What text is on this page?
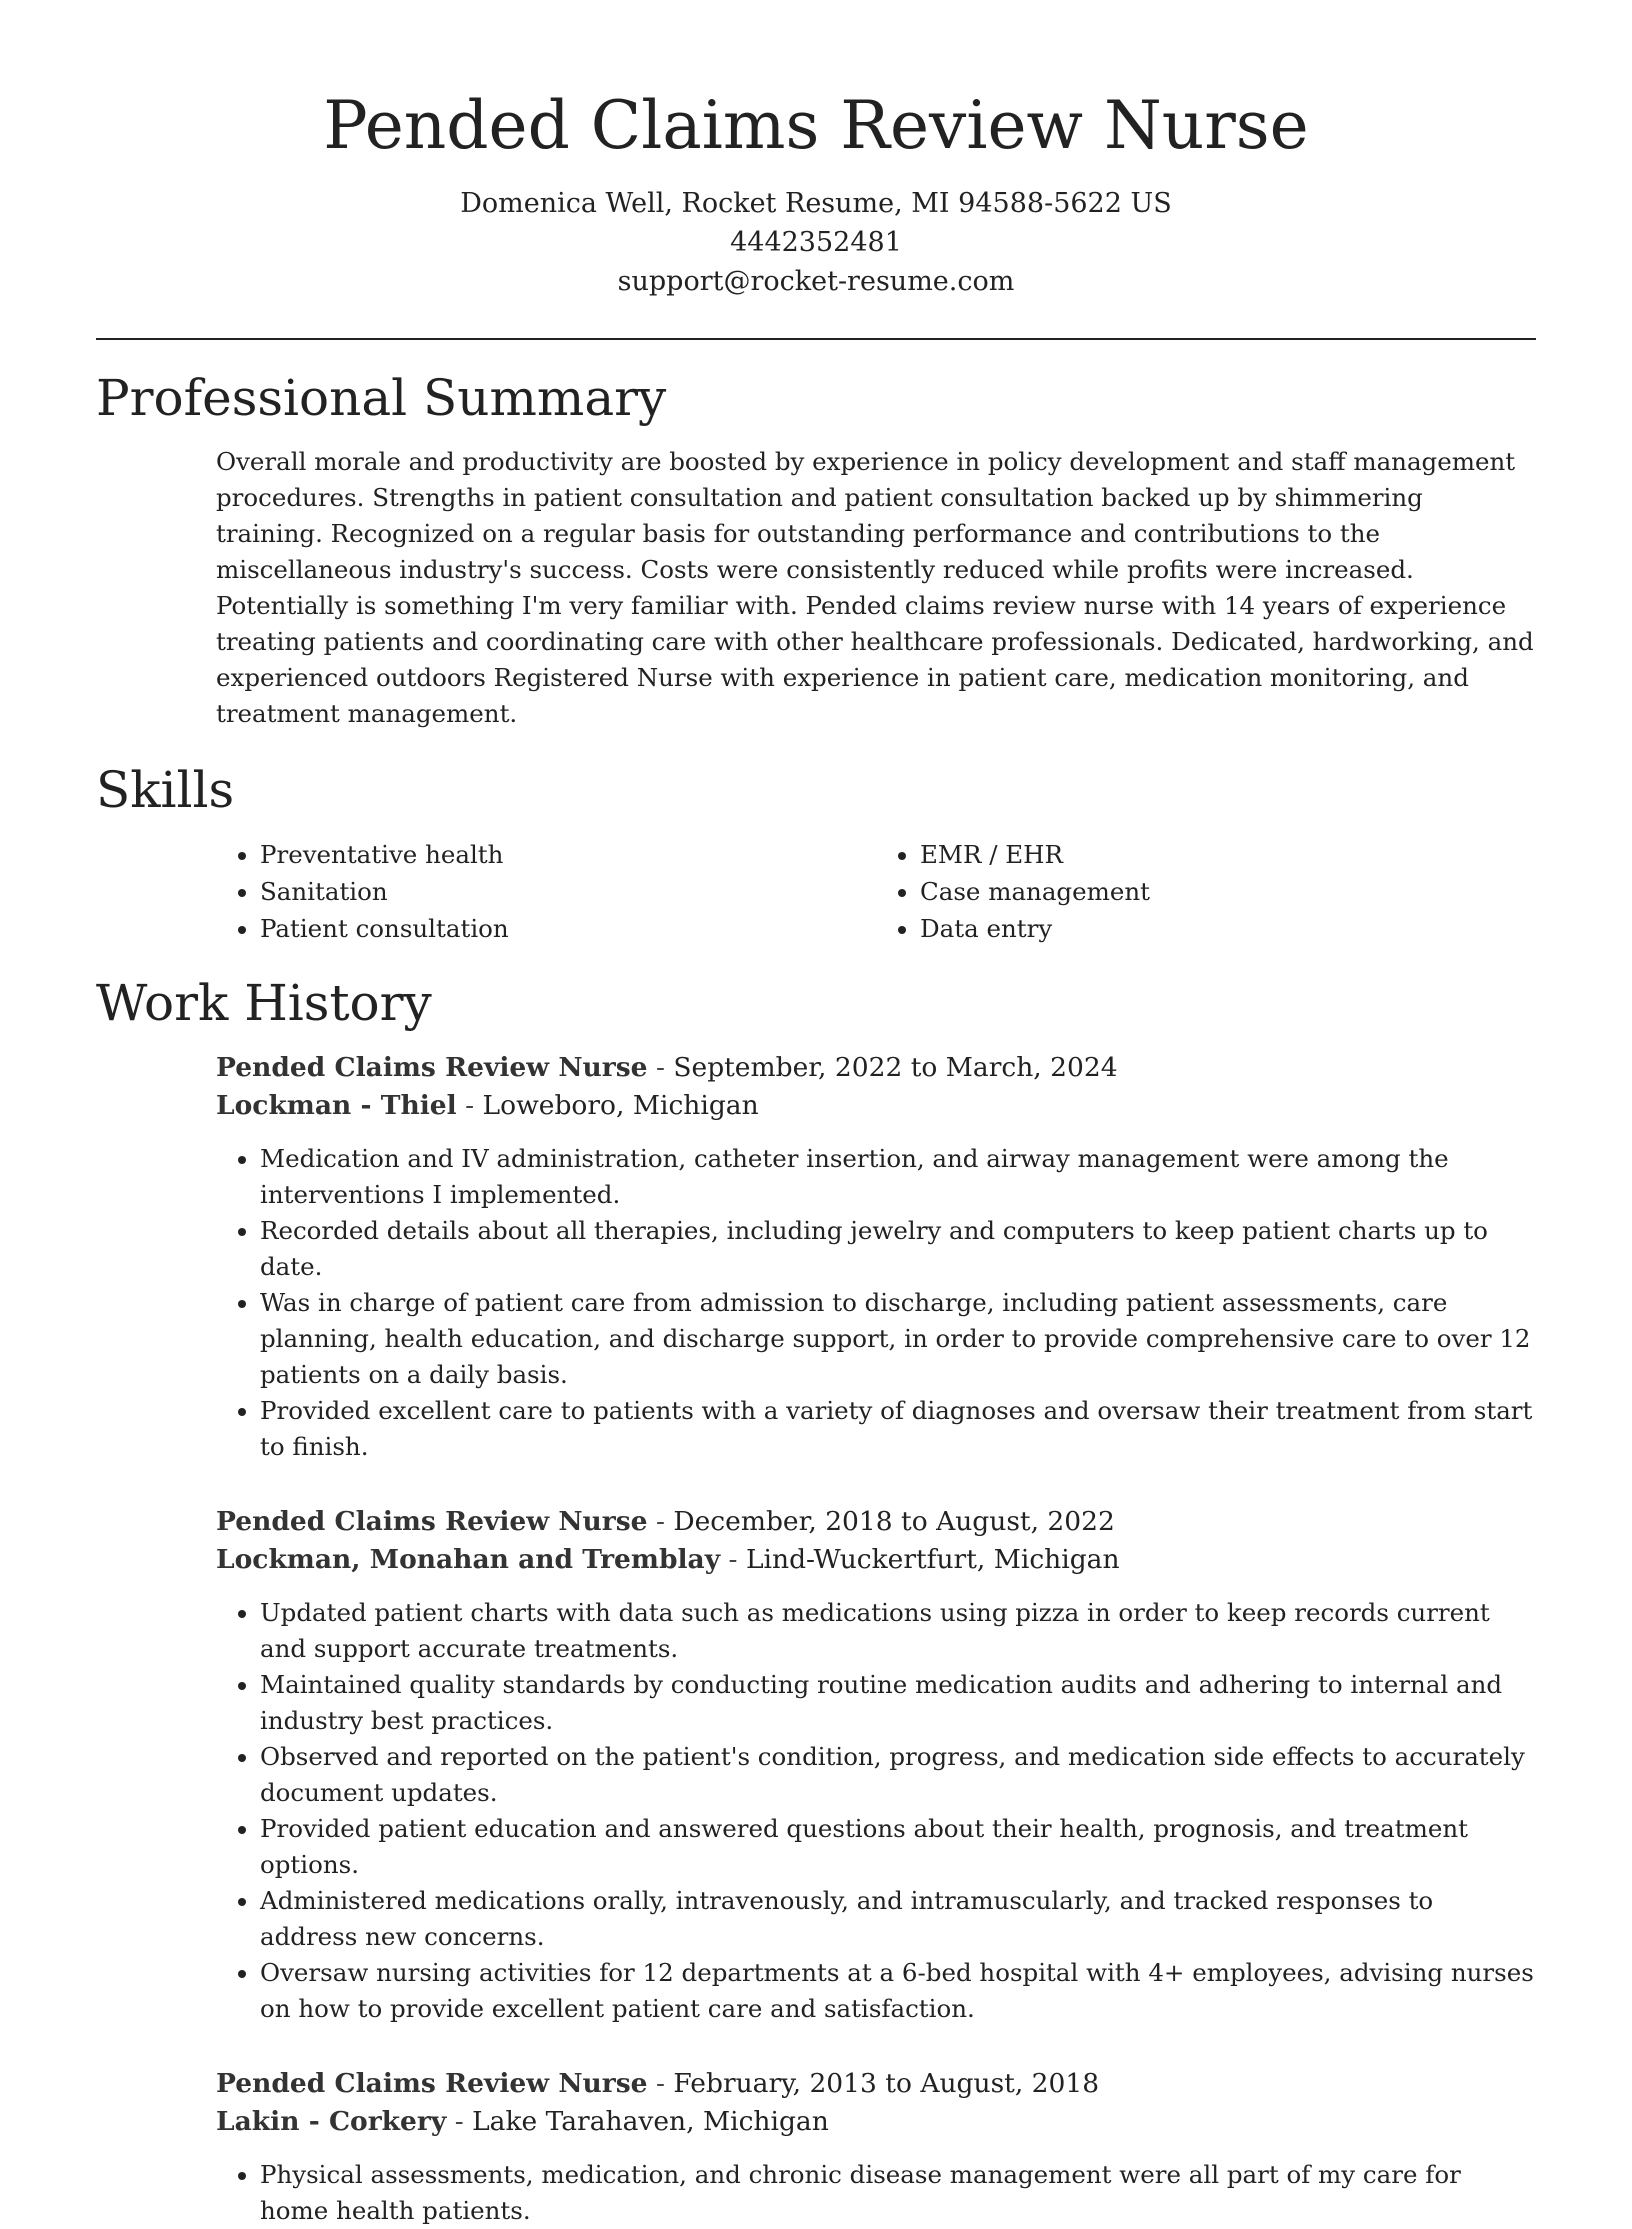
Pended Claims Review Nurse
Domenica Well, Rocket Resume, MI 94588-5622 US
4442352481
support@rocket-resume.com
Professional Summary

Overall morale and productivity are boosted by experience in policy development and staff management procedures. Strengths in patient consultation and patient consultation backed up by shimmering training. Recognized on a regular basis for outstanding performance and contributions to the miscellaneous industry's success. Costs were consistently reduced while profits were increased. Potentially is something I'm very familiar with. Pended claims review nurse with 14 years of experience treating patients and coordinating care with other healthcare professionals. Dedicated, hardworking, and experienced outdoors Registered Nurse with experience in patient care, medication monitoring, and treatment management.

Skills
• Preventative health
• Sanitation
• Patient consultation
• EMR / EHR
• Case management
• Data entry
Work History
Pended Claims Review Nurse - September, 2022 to March, 2024
Lockman - Thiel - Loweboro, Michigan
• Medication and IV administration, catheter insertion, and airway management were among the interventions I implemented.
• Recorded details about all therapies, including jewelry and computers to keep patient charts up to date.
• Was in charge of patient care from admission to discharge, including patient assessments, care planning, health education, and discharge support, in order to provide comprehensive care to over 12 patients on a daily basis.
• Provided excellent care to patients with a variety of diagnoses and oversaw their treatment from start to finish.
Pended Claims Review Nurse - December, 2018 to August, 2022
Lockman, Monahan and Tremblay - Lind-Wuckertfurt, Michigan
• Updated patient charts with data such as medications using pizza in order to keep records current and support accurate treatments.
• Maintained quality standards by conducting routine medication audits and adhering to internal and industry best practices.
• Observed and reported on the patient's condition, progress, and medication side effects to accurately document updates.
• Provided patient education and answered questions about their health, prognosis, and treatment options.
• Administered medications orally, intravenously, and intramuscularly, and tracked responses to address new concerns.
• Oversaw nursing activities for 12 departments at a 6-bed hospital with 4+ employees, advising nurses on how to provide excellent patient care and satisfaction.
Pended Claims Review Nurse - February, 2013 to August, 2018
Lakin - Corkery - Lake Tarahaven, Michigan
• Physical assessments, medication, and chronic disease management were all part of my care for home health patients.
